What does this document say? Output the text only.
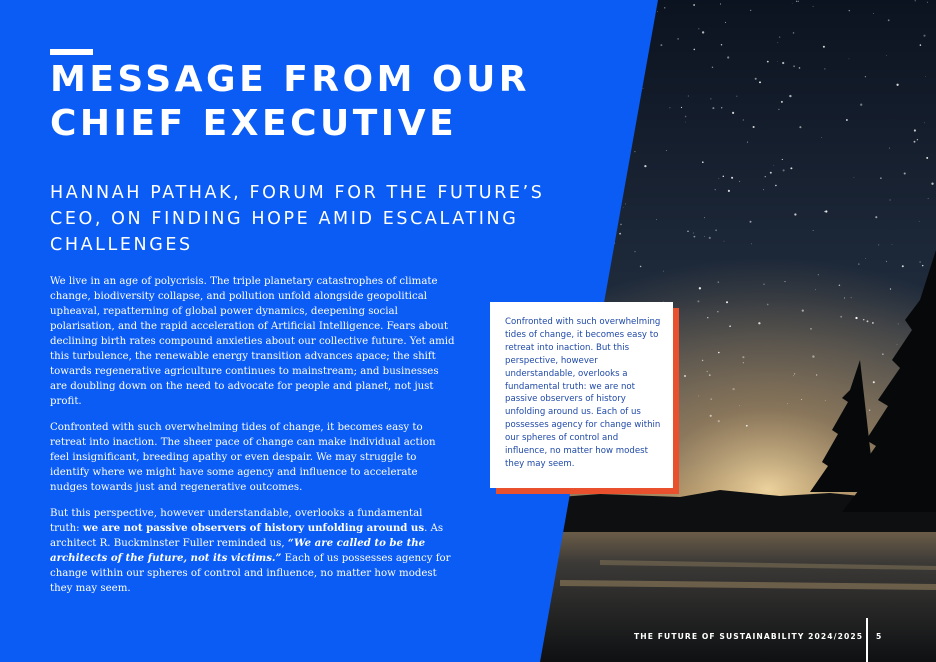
MESSAGE FROM OUR CHIEF EXECUTIVE
HANNAH PATHAK, FORUM FOR THE FUTURE’S CEO, ON FINDING HOPE AMID ESCALATING CHALLENGES

We live in an age of polycrisis. The triple planetary catastrophes of climate change, biodiversity collapse, and pollution unfold alongside geopolitical upheaval, repatterning of global power dynamics, deepening social polarisation, and the rapid acceleration of Artificial Intelligence. Fears about declining birth rates compound anxieties about our collective future. Yet amid this turbulence, the renewable energy transition advances apace; the shift towards regenerative agriculture continues to mainstream; and businesses are doubling down on the need to advocate for people and planet, not just profit.

Confronted with such overwhelming tides of change, it becomes easy to retreat into inaction. The sheer pace of change can make individual action feel insignificant, breeding apathy or even despair. We may struggle to identify where we might have some agency and influence to accelerate nudges towards just and regenerative outcomes.

But this perspective, however understandable, overlooks a fundamental truth: we are not passive observers of history unfolding around us. As architect R. Buckminster Fuller reminded us, “We are called to be the architects of the future, not its victims.” Each of us possesses agency for change within our spheres of control and influence, no matter how modest they may seem.

Confronted with such overwhelming tides of change, it becomes easy to retreat into inaction. But this perspective, however understandable, overlooks a fundamental truth: we are not passive observers of history unfolding around us. Each of us possesses agency for change within our spheres of control and influence, no matter how modest they may seem.

THE FUTURE OF SUSTAINABILITY 2024/2025 5
